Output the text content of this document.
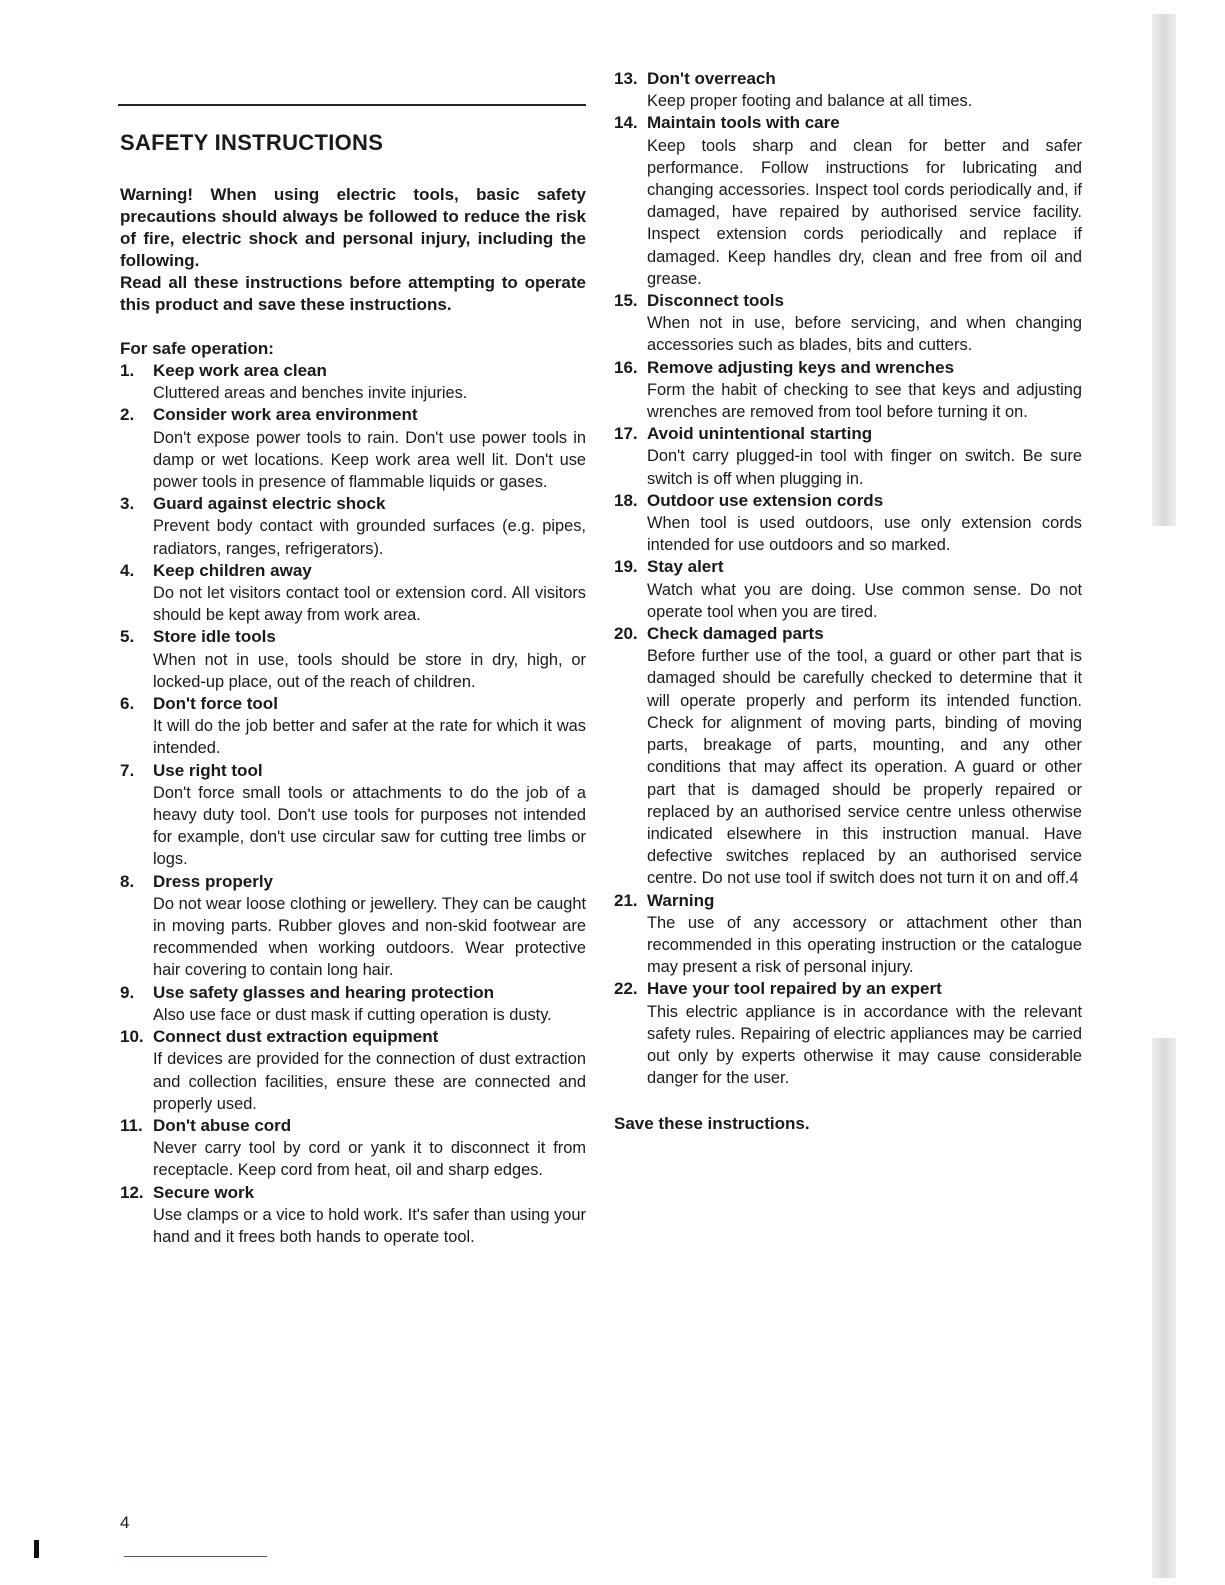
SAFETY INSTRUCTIONS

Warning! When using electric tools, basic safety precautions should always be followed to reduce the risk of fire, electric shock and personal injury, including the following.

Read all these instructions before attempting to operate this product and save these instructions.

For safe operation:
1.	Keep work area clean
Cluttered areas and benches invite injuries.
2.	Consider work area environment
Don't expose power tools to rain. Don't use power tools in damp or wet locations. Keep work area well lit. Don't use power tools in presence of flammable liquids or gases.
3.	Guard against electric shock
Prevent body contact with grounded surfaces (e.g. pipes, radiators, ranges, refrigerators).
4.	Keep children away
Do not let visitors contact tool or extension cord. All visitors should be kept away from work area.
5.	Store idle tools
When not in use, tools should be store in dry, high, or locked-up place, out of the reach of children.
6.	Don't force tool
It will do the job better and safer at the rate for which it was intended.
7.	Use right tool
Don't force small tools or attachments to do the job of a heavy duty tool. Don't use tools for purposes not intended for example, don't use circular saw for cutting tree limbs or logs.
8.	Dress properly
Do not wear loose clothing or jewellery. They can be caught in moving parts. Rubber gloves and non-skid footwear are recommended when working outdoors. Wear protective hair covering to contain long hair.
9.	Use safety glasses and hearing protection
Also use face or dust mask if cutting operation is dusty.
10. Connect dust extraction equipment
If devices are provided for the connection of dust extraction and collection facilities, ensure these are connected and properly used.
11. Don't abuse cord
Never carry tool by cord or yank it to disconnect it from receptacle. Keep cord from heat, oil and sharp edges.
12. Secure work
Use clamps or a vice to hold work. It's safer than using your hand and it frees both hands to operate tool.
13. Don't overreach
Keep proper footing and balance at all times.
14. Maintain tools with care
Keep tools sharp and clean for better and safer performance. Follow instructions for lubricating and changing accessories. Inspect tool cords periodically and, if damaged, have repaired by authorised service facility. Inspect extension cords periodically and replace if damaged. Keep handles dry, clean and free from oil and grease.
15. Disconnect tools
When not in use, before servicing, and when changing accessories such as blades, bits and cutters.
16. Remove adjusting keys and wrenches
Form the habit of checking to see that keys and adjusting wrenches are removed from tool before turning it on.
17. Avoid unintentional starting
Don't carry plugged-in tool with finger on switch. Be sure switch is off when plugging in.
18. Outdoor use extension cords
When tool is used outdoors, use only extension cords intended for use outdoors and so marked.
19. Stay alert
Watch what you are doing. Use common sense. Do not operate tool when you are tired.
20. Check damaged parts
Before further use of the tool, a guard or other part that is damaged should be carefully checked to determine that it will operate properly and perform its intended function. Check for alignment of moving parts, binding of moving parts, breakage of parts, mounting, and any other conditions that may affect its operation. A guard or other part that is damaged should be properly repaired or replaced by an authorised service centre unless otherwise indicated elsewhere in this instruction manual. Have defective switches replaced by an authorised service centre. Do not use tool if switch does not turn it on and off.4
21. Warning
The use of any accessory or attachment other than recommended in this operating instruction or the catalogue may present a risk of personal injury.
22. Have your tool repaired by an expert
This electric appliance is in accordance with the relevant safety rules. Repairing of electric appliances may be carried out only by experts otherwise it may cause considerable danger for the user.
Save these instructions.
4
